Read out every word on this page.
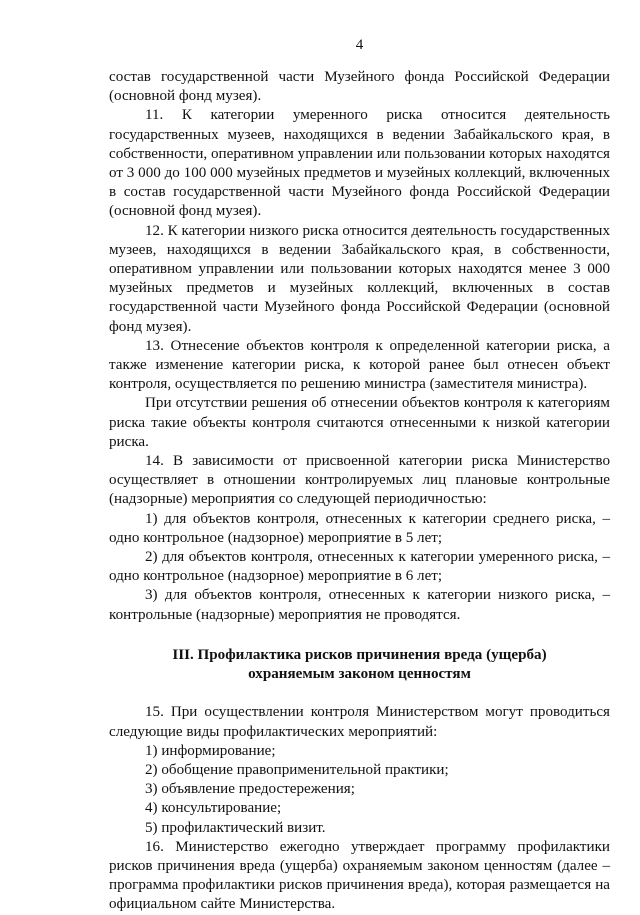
4

состав государственной части Музейного фонда Российской Федерации (основной фонд музея).

11. К категории умеренного риска относится деятельность государственных музеев, находящихся в ведении Забайкальского края, в собственности, оперативном управлении или пользовании которых находятся от 3 000 до 100 000 музейных предметов и музейных коллекций, включенных в состав государственной части Музейного фонда Российской Федерации (основной фонд музея).

12. К категории низкого риска относится деятельность государственных музеев, находящихся в ведении Забайкальского края, в собственности, оперативном управлении или пользовании которых находятся менее 3 000 музейных предметов и музейных коллекций, включенных в состав государственной части Музейного фонда Российской Федерации (основной фонд музея).

13. Отнесение объектов контроля к определенной категории риска, а также изменение категории риска, к которой ранее был отнесен объект контроля, осуществляется по решению министра (заместителя министра).

При отсутствии решения об отнесении объектов контроля к категориям риска такие объекты контроля считаются отнесенными к низкой категории риска.

14. В зависимости от присвоенной категории риска Министерство осуществляет в отношении контролируемых лиц плановые контрольные (надзорные) мероприятия со следующей периодичностью:

1) для объектов контроля, отнесенных к категории среднего риска, – одно контрольное (надзорное) мероприятие в 5 лет;

2) для объектов контроля, отнесенных к категории умеренного риска, – одно контрольное (надзорное) мероприятие в 6 лет;

3) для объектов контроля, отнесенных к категории низкого риска, – контрольные (надзорные) мероприятия не проводятся.

III. Профилактика рисков причинения вреда (ущерба)
охраняемым законом ценностям

15. При осуществлении контроля Министерством могут проводиться следующие виды профилактических мероприятий:

1) информирование;

2) обобщение правоприменительной практики;

3) объявление предостережения;

4) консультирование;

5) профилактический визит.

16. Министерство ежегодно утверждает программу профилактики рисков причинения вреда (ущерба) охраняемым законом ценностям (далее – программа профилактики рисков причинения вреда), которая размещается на официальном сайте Министерства.
